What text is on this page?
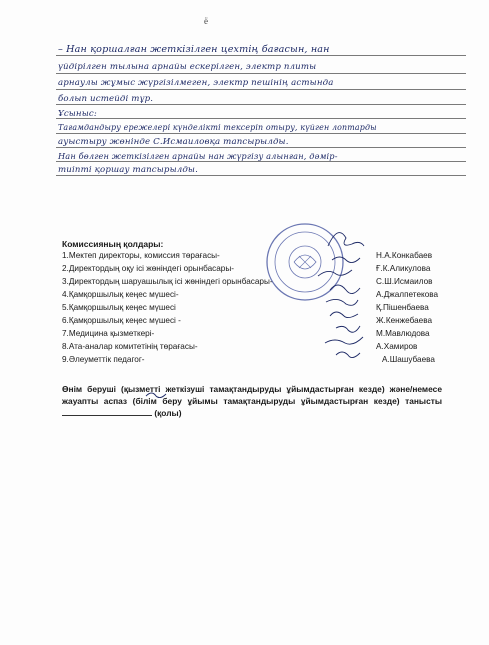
ё
– Нан қоршалған жеткізілген цехтің бағасын, нан
үйдірілген тылына арнайы ескерілген, электр плиты
арнаулы жұмыс жүргізілмеген, электр пешінің астында
болып истейді тұр.
Ұсыныс:
Тағамдандыру ережелері күнделікті тексеріп отыру, күйген лоптарды
ауыстыру жөнінде С.Исмаиловқа тапсырылды.
Нан бөлген жеткізілген арнайы нан жүргізу алынған, дәмір-
тиіпті қоршау тапсырылды.
Комиссияның қолдары:
1.Мектеп директоры, комиссия төрағасы-	Н.А.Конкабаев
2.Директордың оқу ісі жөніндегі орынбасары-	Ғ.К.Аликулова
3.Директордың шаруашылық ісі жөніндегі орынбасары-	С.Ш.Исмаилов
4.Қамқоршылық кеңес мүшесі-	А.Джалпетекова
5.Қамқоршылық кеңес мүшесі	Қ.Пішенбаева
6.Қамқоршылық кеңес мүшесі -	Ж.Кенжебаева
7.Медицина қызметкері-	М.Мавлюдова
8.Ата-аналар комитетінің төрағасы-	А.Хамиров
9.Әлеуметтік педагог-	А.Шашубаева
Өнім беруші (қызметті жеткізуші тамақтандыруды ұйымдастырған кезде) және/немесе жауапты аспаз (білім беру ұйымы тамақтандыруды ұйымдастырған кезде) танысты  (қолы)
